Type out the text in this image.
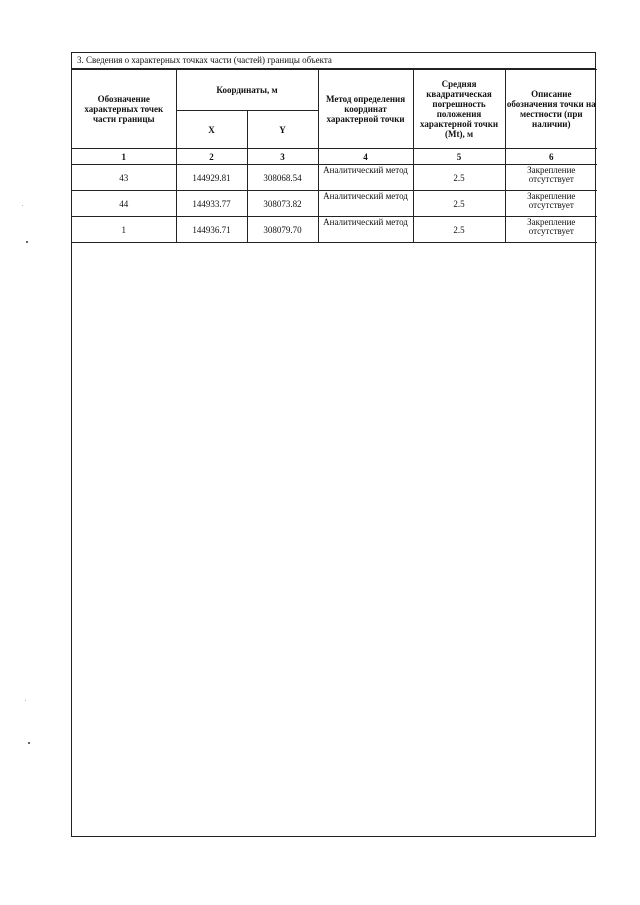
3. Сведения о характерных точках части (частей) границы объекта
Обозначение характерных точек части границы	Координаты, м		Метод определения координат характерной точки	Средняя квадратическая погрешность положения характерной точки (Mt), м	Описание обозначения точки на местности (при наличии)
	X	Y			
1	2	3	4	5	6
43	144929.81	308068.54	Аналитический метод	2.5	Закрепление отсутствует
44	144933.77	308073.82	Аналитический метод	2.5	Закрепление отсутствует
1	144936.71	308079.70	Аналитический метод	2.5	Закрепление отсутствует
